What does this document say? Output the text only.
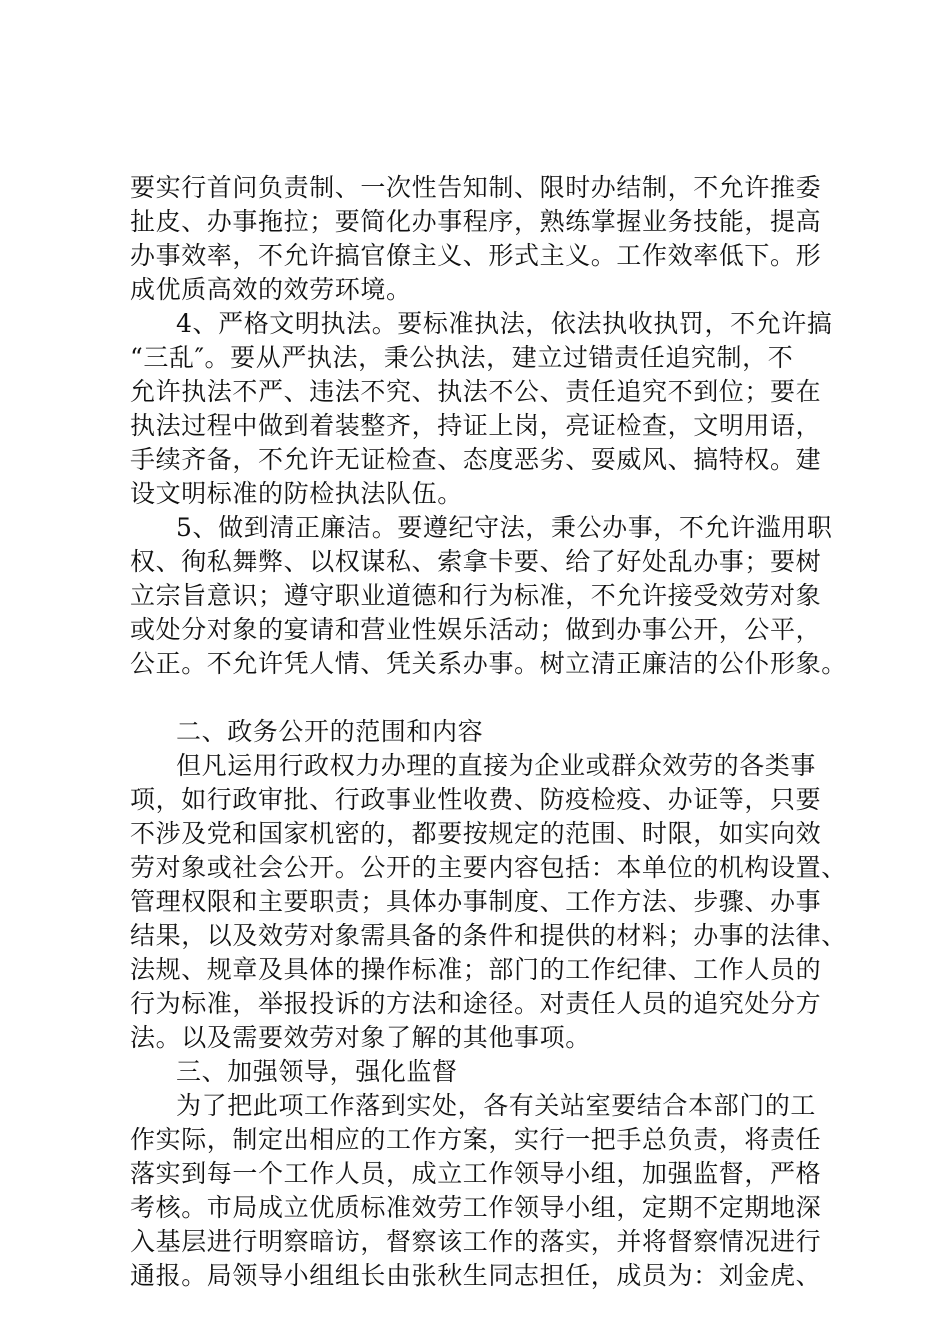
要实行首问负责制、一次性告知制、限时办结制，不允许推委
扯皮、办事拖拉；要简化办事程序，熟练掌握业务技能，提高
办事效率，不允许搞官僚主义、形式主义。工作效率低下。形
成优质高效的效劳环境。
4、严格文明执法。要标准执法，依法执收执罚，不允许搞
“三乱″。要从严执法，秉公执法，建立过错责任追究制，不
允许执法不严、违法不究、执法不公、责任追究不到位；要在
执法过程中做到着装整齐，持证上岗，亮证检查，文明用语，
手续齐备，不允许无证检查、态度恶劣、耍威风、搞特权。建
设文明标准的防检执法队伍。
5、做到清正廉洁。要遵纪守法，秉公办事，不允许滥用职
权、徇私舞弊、以权谋私、索拿卡要、给了好处乱办事；要树
立宗旨意识；遵守职业道德和行为标准，不允许接受效劳对象
或处分对象的宴请和营业性娱乐活动；做到办事公开，公平，
公正。不允许凭人情、凭关系办事。树立清正廉洁的公仆形象。
二、政务公开的范围和内容
但凡运用行政权力办理的直接为企业或群众效劳的各类事
项，如行政审批、行政事业性收费、防疫检疫、办证等，只要
不涉及党和国家机密的，都要按规定的范围、时限，如实向效
劳对象或社会公开。公开的主要内容包括：本单位的机构设置、
管理权限和主要职责；具体办事制度、工作方法、步骤、办事
结果，以及效劳对象需具备的条件和提供的材料；办事的法律、
法规、规章及具体的操作标准；部门的工作纪律、工作人员的
行为标准，举报投诉的方法和途径。对责任人员的追究处分方
法。以及需要效劳对象了解的其他事项。
三、加强领导，强化监督
为了把此项工作落到实处，各有关站室要结合本部门的工
作实际，制定出相应的工作方案，实行一把手总负责，将责任
落实到每一个工作人员，成立工作领导小组，加强监督，严格
考核。市局成立优质标准效劳工作领导小组，定期不定期地深
入基层进行明察暗访，督察该工作的落实，并将督察情况进行
通报。局领导小组组长由张秋生同志担任，成员为：刘金虎、
